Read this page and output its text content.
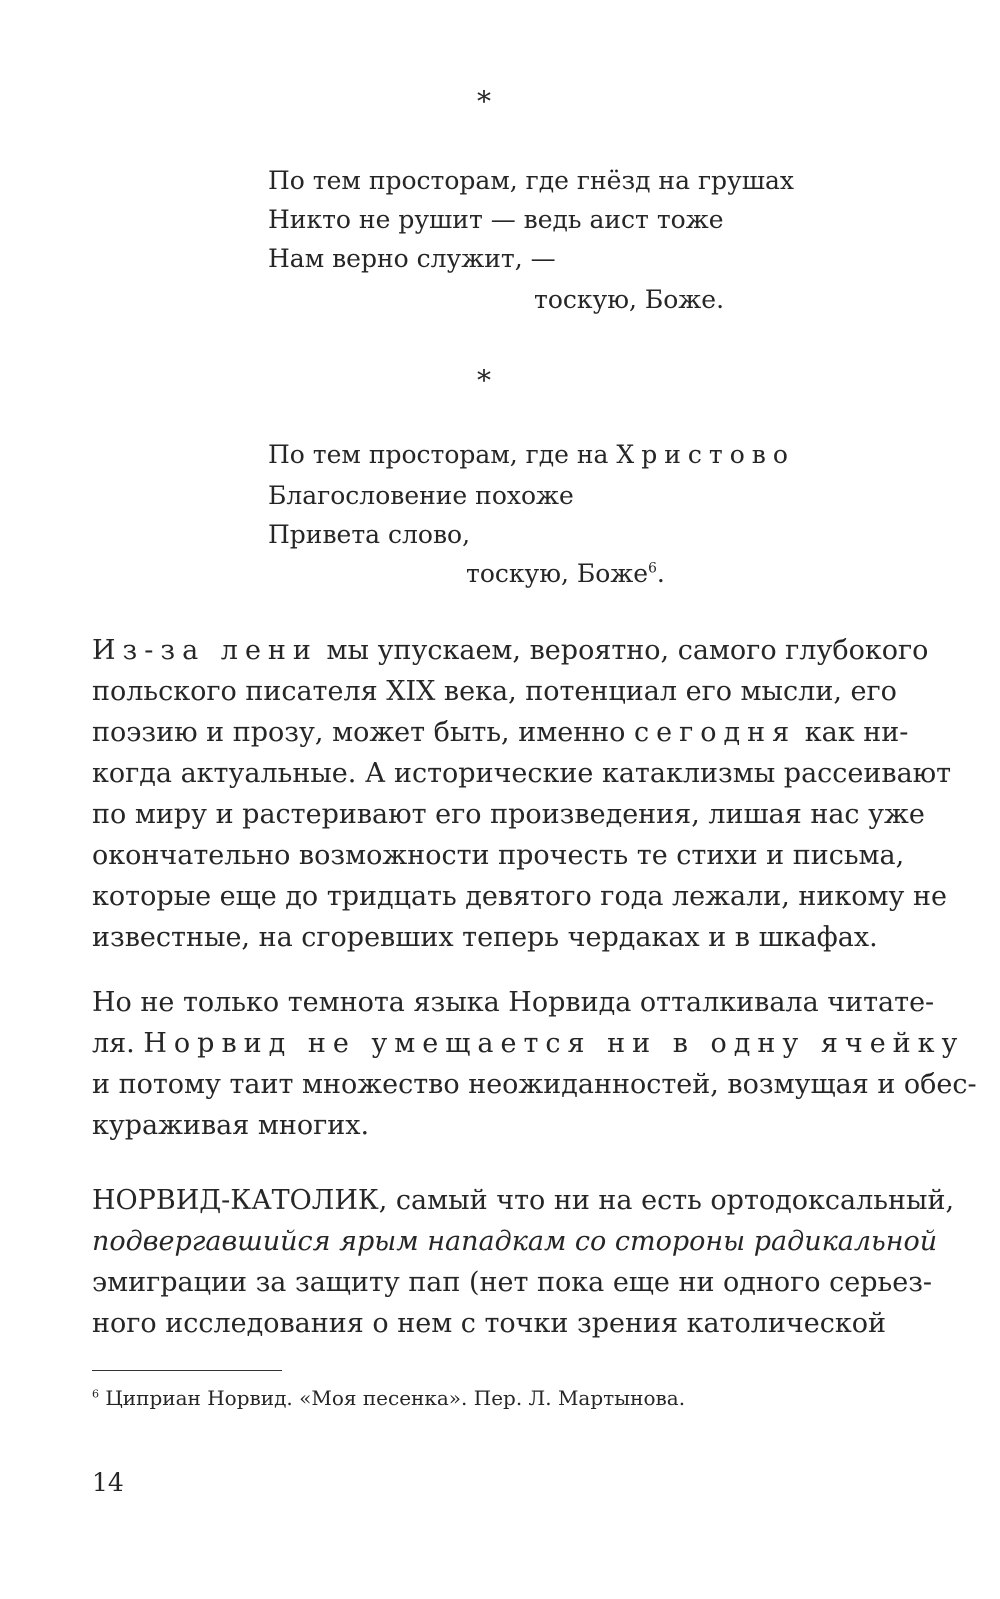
*
По тем просторам, где гнёзд на грушах
Никто не рушит — ведь аист тоже
Нам верно служит, —
тоскую, Боже.
*
По тем просторам, где на Христово
Благословение похоже
Привета слово,
тоскую, Боже$^6$.
Из-за лени мы упускаем, вероятно, самого глубокого
польского писателя XIX века, потенциал его мысли, его
поэзию и прозу, может быть, именно сегодня как ни-
когда актуальные. А исторические катаклизмы рассеивают
по миру и растеривают его произведения, лишая нас уже
окончательно возможности прочесть те стихи и письма,
которые еще до тридцать девятого года лежали, никому не
известные, на сгоревших теперь чердаках и в шкафах.
Но не только темнота языка Норвида отталкивала читате-
ля. Норвид не умещается ни в одну ячейку
и потому таит множество неожиданностей, возмущая и обес-
кураживая многих.
НОРВИД-КАТОЛИК, самый что ни на есть ортодоксальный,
подвергавшийся ярым нападкам со стороны радикальной
эмиграции за защиту пап (нет пока еще ни одного серьез-
ного исследования о нем с точки зрения католической
$^6$ Циприан Норвид. «Моя песенка». Пер. Л. Мартынова.
14
